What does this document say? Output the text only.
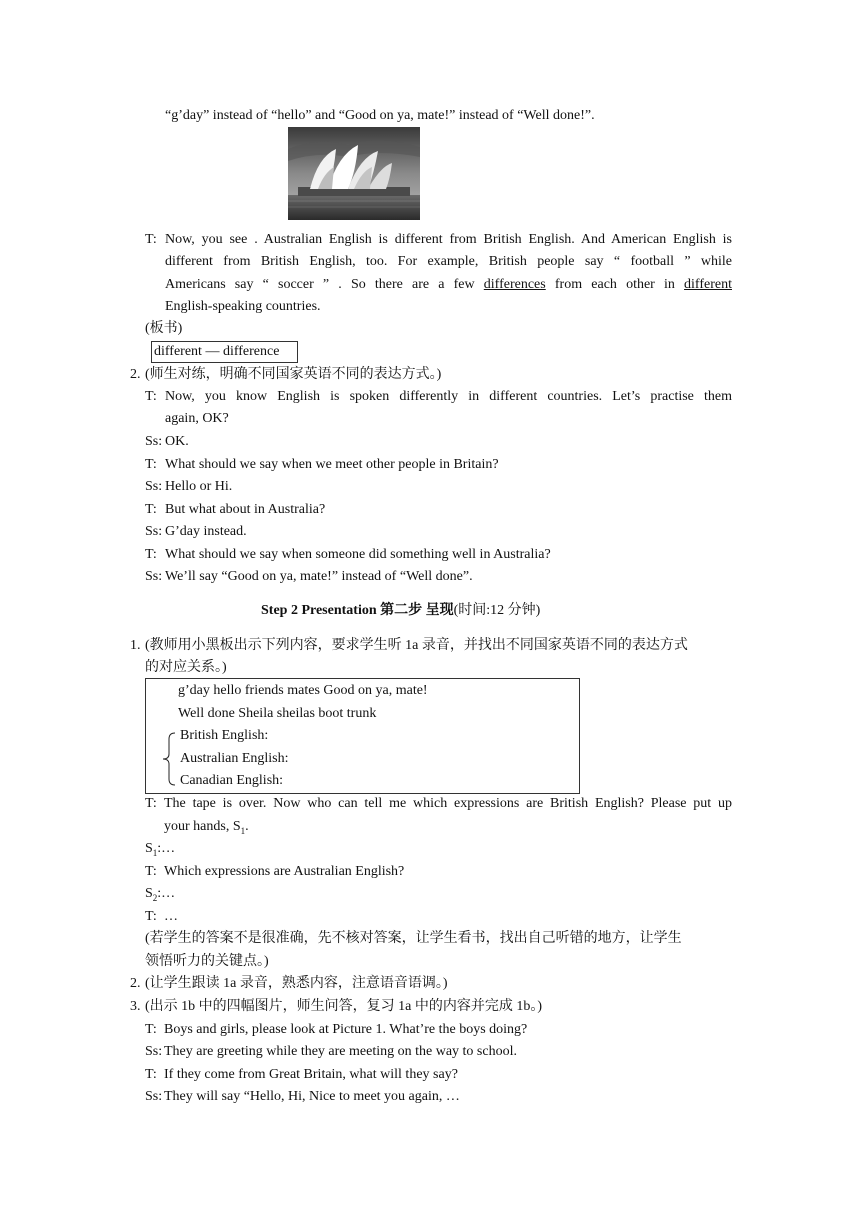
“g’day” instead of “hello” and “Good on ya, mate!” instead of “Well done!”.
T: Now, you see . Australian English is different from British English. And American English is
different from British English, too. For example, British people say “ football ” while
Americans say “ soccer ” . So there are a few differences from each other in different
English-speaking countries.
(板书)
different — difference
2. (师生对练，明确不同国家英语不同的表达方式。)
T: Now, you know English is spoken differently in different countries. Let’s practise them
again, OK?
Ss: OK.
T: What should we say when we meet other people in Britain?
Ss: Hello or Hi.
T: But what about in Australia?
Ss: G’day instead.
T: What should we say when someone did something well in Australia?
Ss: We’ll say “Good on ya, mate!” instead of “Well done”.
Step 2 Presentation 第二步 呈现(时间:12 分钟)
1. (教师用小黑板出示下列内容，要求学生听 1a 录音，并找出不同国家英语不同的表达方式
的对应关系。)
g’day hello friends mates Good on ya, mate!
Well done Sheila sheilas boot trunk
British English:
Australian English:
Canadian English:
T: The tape is over. Now who can tell me which expressions are British English? Please put up
your hands, $S_1$.
$S_1:\dots$
T: Which expressions are Australian English?
$S_2:\dots$
T: …
(若学生的答案不是很准确，先不核对答案，让学生看书，找出自己听错的地方，让学生
领悟听力的关键点。)
2. (让学生跟读 1a 录音，熟悉内容，注意语音语调。)
3. (出示 1b 中的四幅图片，师生问答，复习 1a 中的内容并完成 1b。)
T: Boys and girls, please look at Picture 1. What’re the boys doing?
Ss: They are greeting while they are meeting on the way to school.
T: If they come from Great Britain, what will they say?
Ss: They will say “Hello, Hi, Nice to meet you again, …
